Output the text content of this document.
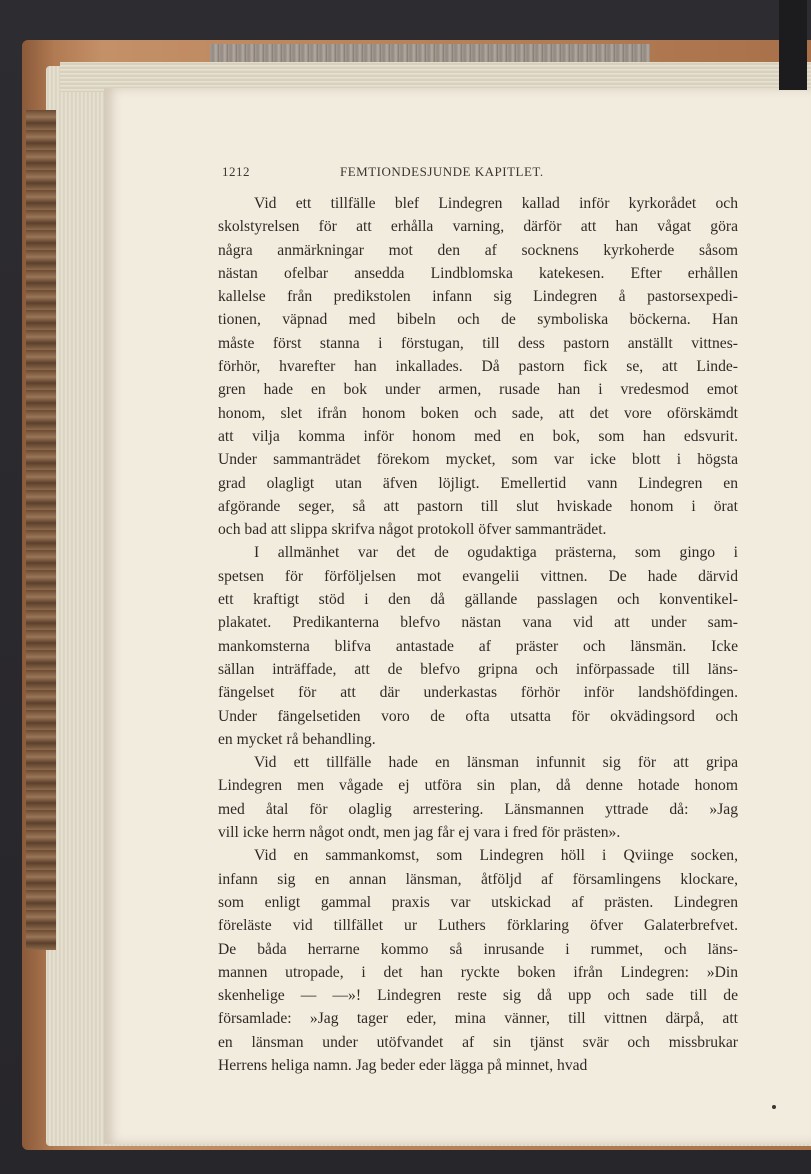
1212	FEMTIONDESJUNDE KAPITLET.
Vid ett tillfälle blef Lindegren kallad inför kyrkorådet och
skolstyrelsen för att erhålla varning, därför att han vågat göra
några anmärkningar mot den af socknens kyrkoherde såsom
nästan ofelbar ansedda Lindblomska katekesen. Efter erhållen
kallelse från predikstolen infann sig Lindegren å pastorsexpedi-
tionen, väpnad med bibeln och de symboliska böckerna. Han
måste först stanna i förstugan, till dess pastorn anställt vittnes-
förhör, hvarefter han inkallades. Då pastorn fick se, att Linde-
gren hade en bok under armen, rusade han i vredesmod emot
honom, slet ifrån honom boken och sade, att det vore oförskämdt
att vilja komma inför honom med en bok, som han edsvurit.
Under sammanträdet förekom mycket, som var icke blott i högsta
grad olagligt utan äfven löjligt. Emellertid vann Lindegren en
afgörande seger, så att pastorn till slut hviskade honom i örat
och bad att slippa skrifva något protokoll öfver sammanträdet.
I allmänhet var det de ogudaktiga prästerna, som gingo i
spetsen för förföljelsen mot evangelii vittnen. De hade därvid
ett kraftigt stöd i den då gällande passlagen och konventikel-
plakatet. Predikanterna blefvo nästan vana vid att under sam-
mankomsterna blifva antastade af präster och länsmän. Icke
sällan inträffade, att de blefvo gripna och införpassade till läns-
fängelset för att där underkastas förhör inför landshöfdingen.
Under fängelsetiden voro de ofta utsatta för okvädingsord och
en mycket rå behandling.
Vid ett tillfälle hade en länsman infunnit sig för att gripa
Lindegren men vågade ej utföra sin plan, då denne hotade honom
med åtal för olaglig arrestering. Länsmannen yttrade då: »Jag
vill icke herrn något ondt, men jag får ej vara i fred för prästen».
Vid en sammankomst, som Lindegren höll i Qviinge socken,
infann sig en annan länsman, åtföljd af församlingens klockare,
som enligt gammal praxis var utskickad af prästen. Lindegren
föreläste vid tillfället ur Luthers förklaring öfver Galaterbrefvet.
De båda herrarne kommo så inrusande i rummet, och läns-
mannen utropade, i det han ryckte boken ifrån Lindegren: »Din
skenhelige — —»! Lindegren reste sig då upp och sade till de
församlade: »Jag tager eder, mina vänner, till vittnen därpå, att
en länsman under utöfvandet af sin tjänst svär och missbrukar
Herrens heliga namn. Jag beder eder lägga på minnet, hvad
